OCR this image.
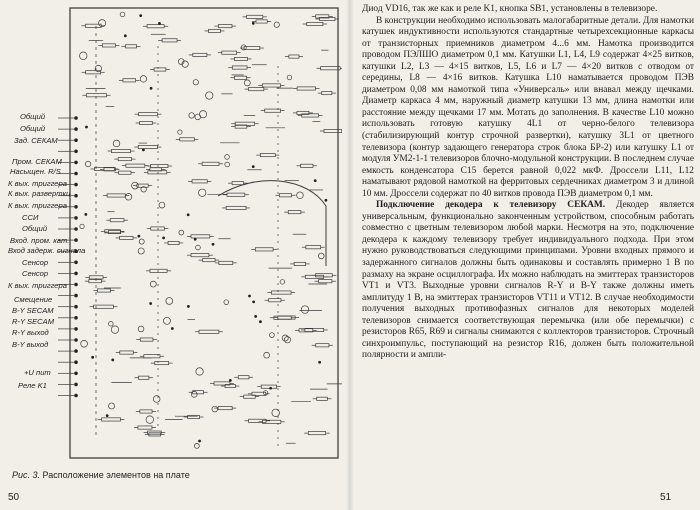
Общий
Общий
Зад. СЕКАМ
Пром. СЕКАМ
Насыщен. R/S
К вых. триггера
К вых. развертки
К вых. триггера
ССИ
Общий
Вход. пром. кат.
Вход задерж. сигнала
Сенсор
Сенсор
К вых. триггера
Смещение
B-Y SECAM
R-Y SECAM
R-Y выход
B-Y выход
+U пит
Реле K1
Рис. 3. Расположение элементов на плате
50

Диод VD16, так же как и реле K1, кнопка SB1, установлены в телевизоре.

В конструкции необходимо использовать малогабаритные детали. Для намотки катушек индуктивности используются стандартные четырехсекционные каркасы от транзисторных приемников диаметром 4...6 мм. Намотка производится проводом ПЭЛШО диаметром 0,1 мм. Катушки L1, L4, L9 содержат 4×25 витков, катушки L2, L3 — 4×15 витков, L5, L6 и L7 — 4×20 витков с отводом от середины, L8 — 4×16 витков. Катушка L10 наматывается проводом ПЭВ диаметром 0,08 мм намоткой типа «Универсаль» или внавал между щечками. Диаметр каркаса 4 мм, наружный диаметр катушки 13 мм, длина намотки или расстояние между щечками 17 мм. Мотать до заполнения. В качестве L10 можно использовать готовую катушку 4L1 от черно-белого телевизора (стабилизирующий контур строчной развертки), катушку 3L1 от цветного телевизора (контур задающего генератора строк блока БР-2) или катушку L1 от модуля УМ2-1-1 телевизоров блочно-модульной конструкции. В последнем случае емкость конденсатора C15 берется равной 0,022 мкФ. Дроссели L11, L12 наматывают рядовой намоткой на ферритовых сердечниках диаметром 3 и длиной 10 мм. Дроссели содержат по 40 витков провода ПЭВ диаметром 0,1 мм.

Подключение декодера к телевизору СЕКАМ. Декодер является универсальным, функционально законченным устройством, способным работать совместно с цветным телевизором любой марки. Несмотря на это, подключение декодера к каждому телевизору требует индивидуального подхода. При этом нужно руководствоваться следующими принципами. Уровни входных прямого и задержанного сигналов должны быть одинаковы и составлять примерно 1 В по размаху на экране осциллографа. Их можно наблюдать на эмиттерах транзисторов VT1 и VT3. Выходные уровни сигналов R-Y и B-Y также должны иметь амплитуду 1 В, на эмиттерах транзисторов VT11 и VT12. В случае необходимости получения выходных противофазных сигналов для некоторых моделей телевизоров снимается соответствующая перемычка (или обе перемычки) с резисторов R65, R69 и сигналы снимаются с коллекторов транзисторов. Строчный синхроимпульс, поступающий на резистор R16, должен быть положительной полярности и ампли-

51
